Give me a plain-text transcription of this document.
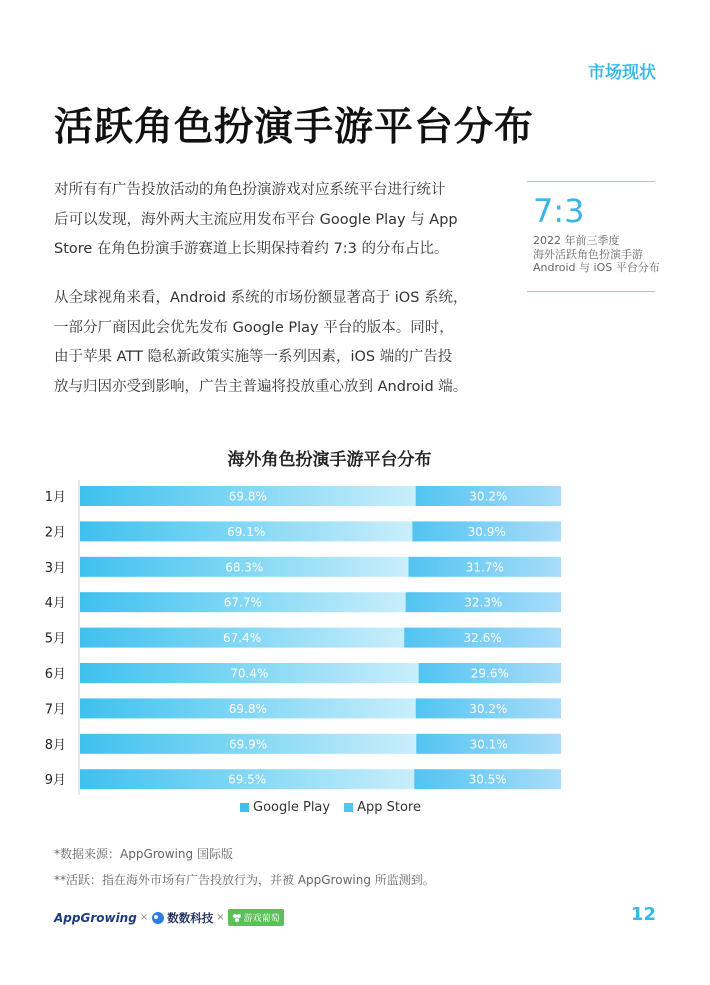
市场现状
活跃角色扮演手游平台分布
对所有有广告投放活动的角色扮演游戏对应系统平台进行统计
后可以发现，海外两大主流应用发布平台 Google Play 与 App
Store 在角色扮演手游赛道上长期保持着约 7:3 的分布占比。
从全球视角来看，Android 系统的市场份额显著高于 iOS 系统，
一部分厂商因此会优先发布 Google Play 平台的版本。同时，
由于苹果 ATT 隐私新政策实施等一系列因素，iOS 端的广告投
放与归因亦受到影响，广告主普遍将投放重心放到 Android 端。
7:3
2022 年前三季度
海外活跃角色扮演手游
Android 与 iOS 平台分布
海外角色扮演手游平台分布
1月	69.8%	30.2%
2月	69.1%	30.9%
3月	68.3%	31.7%
4月	67.7%	32.3%
5月	67.4%	32.6%
6月	70.4%	29.6%
7月	69.8%	30.2%
8月	69.9%	30.1%
9月	69.5%	30.5%
Google Play App Store
*数据来源：AppGrowing 国际版
**活跃：指在海外市场有广告投放行为，并被 AppGrowing 所监测到。
AppGrowing × 数数科技 × 游戏葡萄	12
